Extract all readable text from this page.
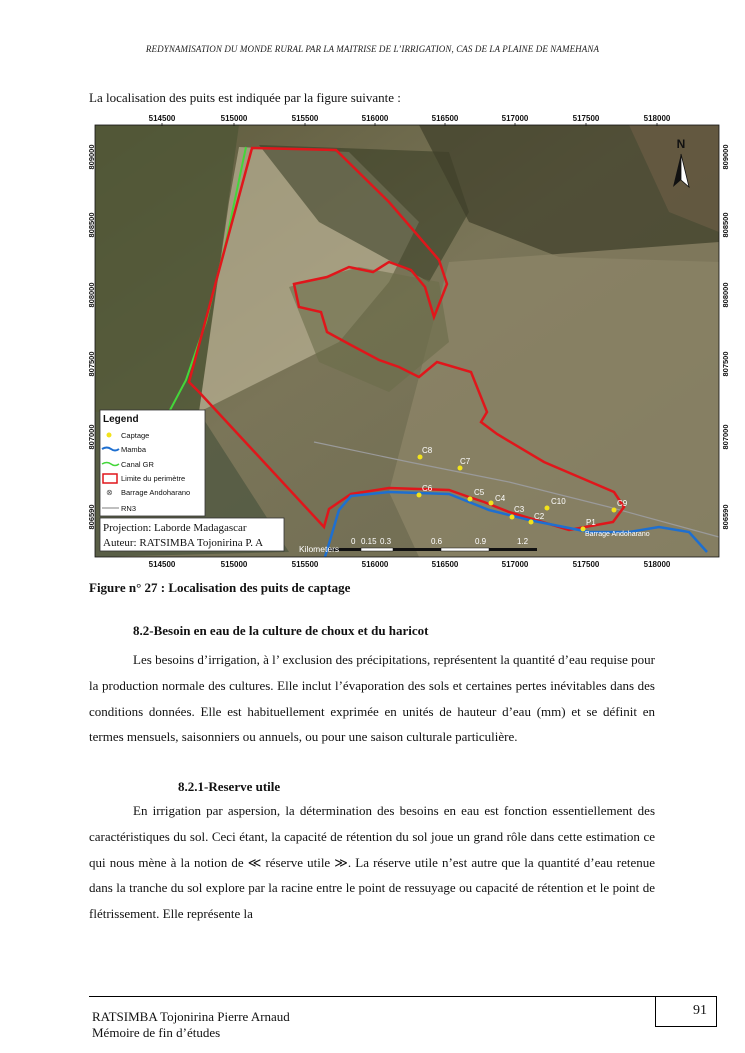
REDYNAMISATION DU MONDE RURAL PAR LA MAITRISE DE L’IRRIGATION, CAS DE LA PLAINE DE NAMEHANA
La localisation des puits est indiquée par la figure suivante :
514500	515000	515500	516000	516500	517000	517500	518000
514500	515000	515500	516000	516500	517000	517500	518000
809000
808500
808000
807500
807000
806590
809000
808500
808000
807500
807000
806590
N
C8
C7
C6	C5
C4
C3
C2
C10	C9
P1
Barrage Andoharano
Legend
Captage
Mamba
Canal GR
Limite du perimètre
⊗ Barrage Andoharano
RN3
Projection: Laborde Madagascar
Auteur: RATSIMBA Tojonirina P. A	0 0.15 0.3	0.6	0.9	1.2
Kilometers
Figure n° 27 : Localisation des puits de captage
8.2-Besoin en eau de la culture de choux et du haricot
Les besoins d’irrigation, à l’ exclusion des précipitations, représentent la quantité d’eau requise pour la production normale des cultures. Elle inclut l’évaporation des sols et certaines pertes inévitables dans des conditions données. Elle est habituellement exprimée en unités de hauteur d’eau (mm) et se définit en termes mensuels, saisonniers ou annuels, ou pour une saison culturale particulière.
8.2.1-Reserve utile
En irrigation par aspersion, la détermination des besoins en eau est fonction essentiellement des caractéristiques du sol. Ceci étant, la capacité de rétention du sol joue un grand rôle dans cette estimation ce qui nous mène à la notion de ≪ réserve utile ≫. La réserve utile n’est autre que la quantité d’eau retenue dans la tranche du sol explore par la racine entre le point de ressuyage ou capacité de rétention et le point de flétrissement. Elle représente la
RATSIMBA Tojonirina Pierre Arnaud
Mémoire de fin d’études
91
